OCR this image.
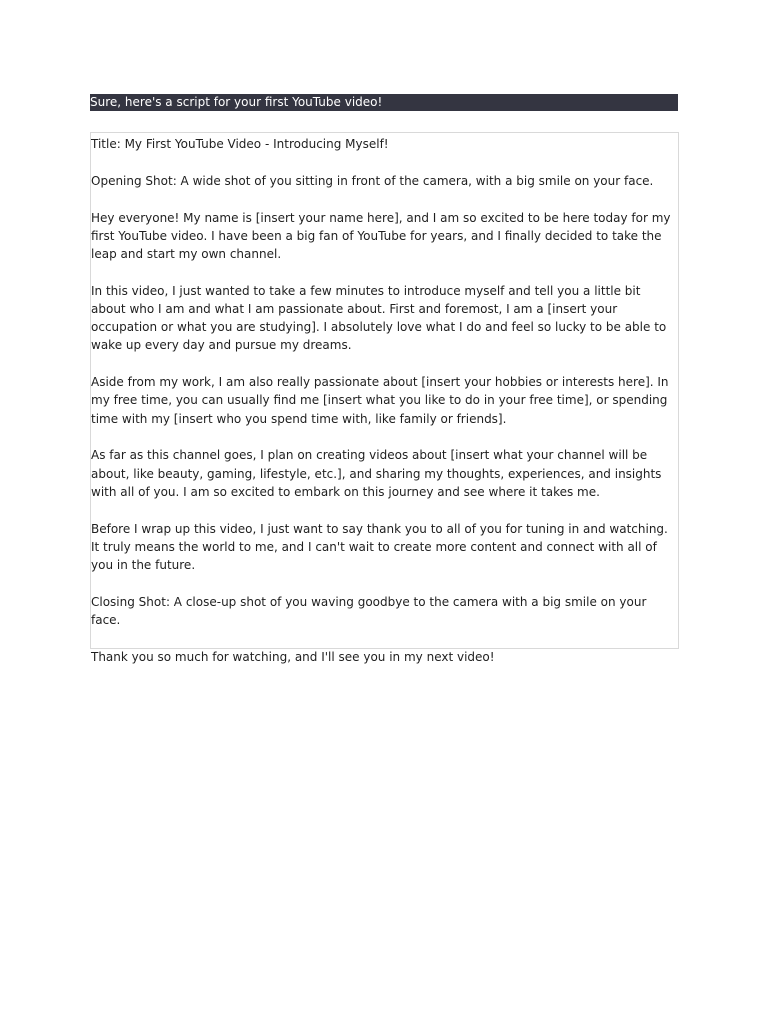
Sure, here's a script for your first YouTube video!

Title: My First YouTube Video - Introducing Myself!

Opening Shot: A wide shot of you sitting in front of the camera, with a big smile on your face.

Hey everyone! My name is [insert your name here], and I am so excited to be here today for my first YouTube video. I have been a big fan of YouTube for years, and I finally decided to take the leap and start my own channel.

In this video, I just wanted to take a few minutes to introduce myself and tell you a little bit about who I am and what I am passionate about. First and foremost, I am a [insert your occupation or what you are studying]. I absolutely love what I do and feel so lucky to be able to wake up every day and pursue my dreams.

Aside from my work, I am also really passionate about [insert your hobbies or interests here]. In my free time, you can usually find me [insert what you like to do in your free time], or spending time with my [insert who you spend time with, like family or friends].

As far as this channel goes, I plan on creating videos about [insert what your channel will be about, like beauty, gaming, lifestyle, etc.], and sharing my thoughts, experiences, and insights with all of you. I am so excited to embark on this journey and see where it takes me.

Before I wrap up this video, I just want to say thank you to all of you for tuning in and watching. It truly means the world to me, and I can't wait to create more content and connect with all of you in the future.

Closing Shot: A close-up shot of you waving goodbye to the camera with a big smile on your face.

Thank you so much for watching, and I'll see you in my next video!
